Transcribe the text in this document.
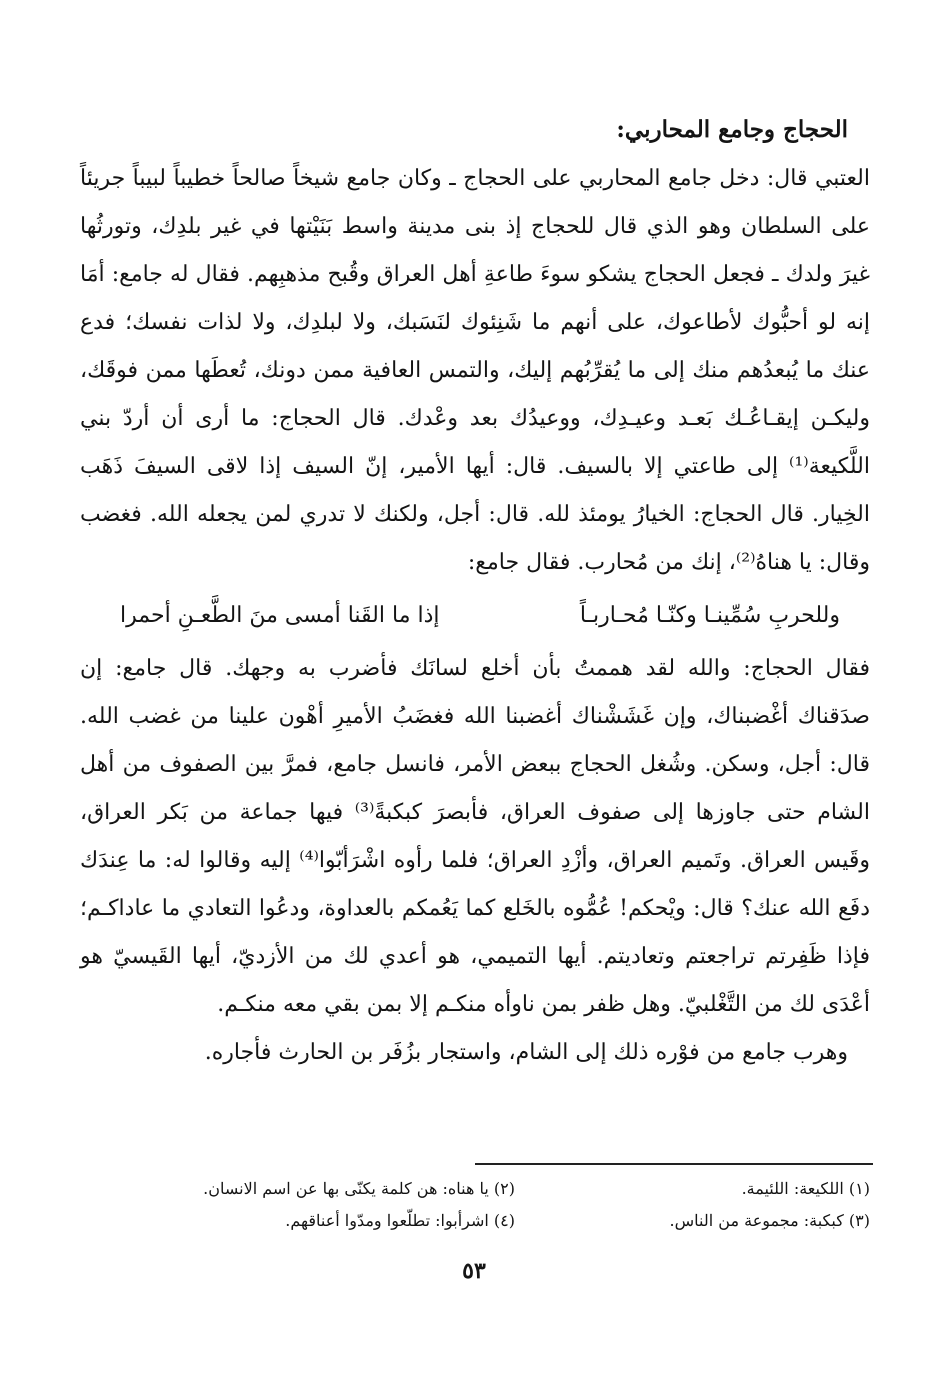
الحجاج وجامع المحاربي:

العتبي قال: دخل جامع المحاربي على الحجاج ـ وكان جامع شيخاً صالحاً خطيباً لبيباً جريئاً على السلطان وهو الذي قال للحجاج إذ بنى مدينة واسط بَنَيْتها في غير بلدِك، وتورثُها غيرَ ولدك ـ فجعل الحجاج يشكو سوءَ طاعةِ أهل العراق وقُبح مذهبِهم. فقال له جامع: أمَا إنه لو أحبُّوك لأطاعوك، على أنهم ما شَنِئوك لنَسَبك، ولا لبلدِك، ولا لذات نفسك؛ فدع عنك ما يُبعدُهم منك إلى ما يُقرِّبُهم إليك، والتمس العافية ممن دونك، تُعطَها ممن فوقَك، وليكـن إيقـاعُـك بَعـد وعيـدِك، ووعيدُك بعد وعْدك. قال الحجاج: ما أرى أن أردّ بني اللَّكيعة⁽¹⁾ إلى طاعتي إلا بالسيف. قال: أيها الأمير، إنّ السيف إذا لاقى السيفَ ذَهَب الخِيار. قال الحجاج: الخيارُ يومئذ لله. قال: أجل، ولكنك لا تدري لمن يجعله الله. فغضب وقال: يا هناهُ⁽²⁾، إنك من مُحارب. فقال جامع:

وللحربِ سُمِّينـا وكنّـا مُحـاربـاً
إذا ما القَنا أمسى منَ الطَّعـنِ أحمرا

فقال الحجاج: والله لقد هممتُ بأن أخلع لسانَك فأضرب به وجهك. قال جامع: إن صدَقناك أغْضبناك، وإن غَشَشْناك أغضبنا الله فغضَبُ الأميرِ أهْون علينا من غضب الله. قال: أجل، وسكن. وشُغل الحجاج ببعض الأمر، فانسل جامع، فمرَّ بين الصفوف من أهل الشام حتى جاوزها إلى صفوف العراق، فأبصرَ كبكبةً⁽³⁾ فيها جماعة من بَكر العراق، وقَيس العراق. وتَميم العراق، وأزْدِ العراق؛ فلما رأوه اشْرَأبّوا⁽⁴⁾ إليه وقالوا له: ما عِندَك دفَع الله عنك؟ قال: ويْحكم! عُمُّوه بالخَلع كما يَعُمكم بالعداوة، ودعُوا التعادي ما عاداكـم؛ فإذا ظَفِرتم تراجعتم وتعاديتم. أيها التميمي، هو أعدي لك من الأزديّ، أيها القَيسيّ هو أعْدَى لك من التَّغْلبيّ. وهل ظفر بمن ناوأه منكـم إلا بمن بقي معه منكـم.

وهرب جامع من فوْره ذلك إلى الشام، واستجار بزُفَر بن الحارث فأجاره.

(١) اللكيعة: اللئيمة.

(٢) يا هناه: هن كلمة يكنّى بها عن اسم الانسان.

(٣) كبكبة: مجموعة من الناس.

(٤) اشرأبوا: تطلّعوا ومدّوا أعناقهم.

٥٣
